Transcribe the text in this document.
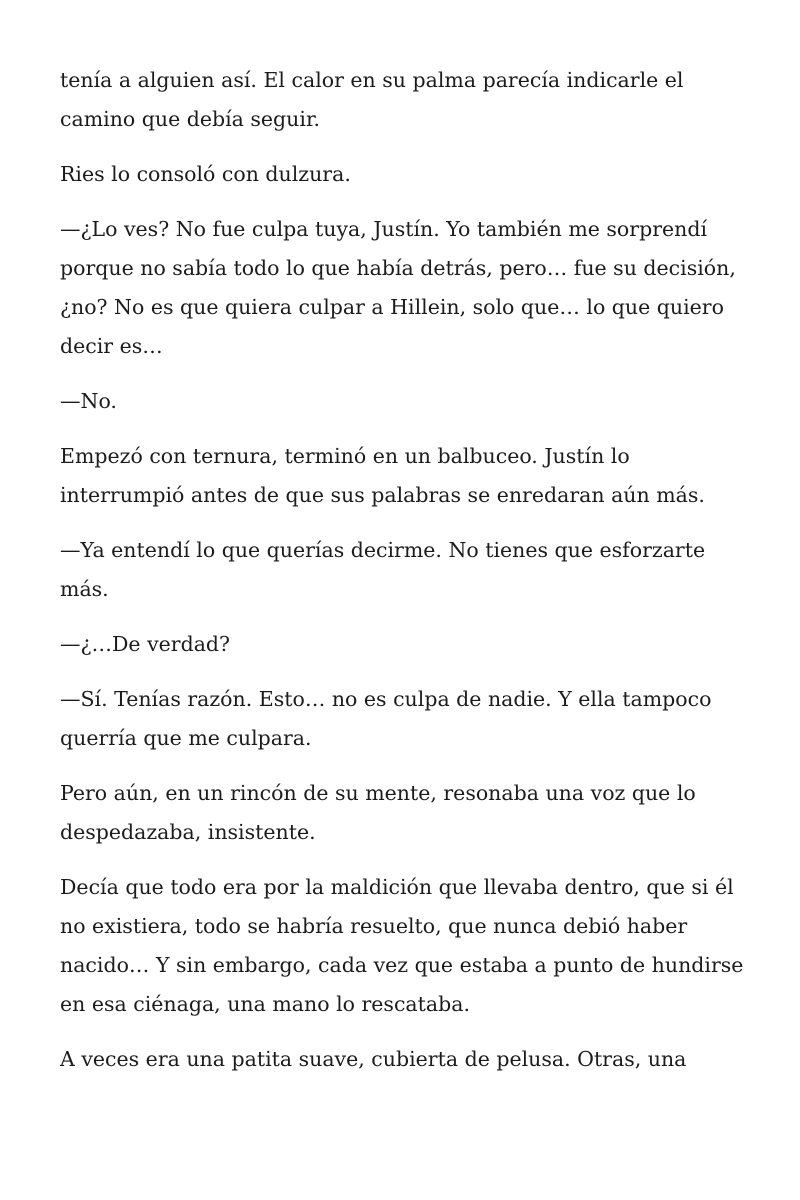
tenía a alguien así. El calor en su palma parecía indicarle el camino que debía seguir.

Ries lo consoló con dulzura.

—¿Lo ves? No fue culpa tuya, Justín. Yo también me sorprendí porque no sabía todo lo que había detrás, pero… fue su decisión, ¿no? No es que quiera culpar a Hillein, solo que… lo que quiero decir es…

—No.

Empezó con ternura, terminó en un balbuceo. Justín lo interrumpió antes de que sus palabras se enredaran aún más.

—Ya entendí lo que querías decirme. No tienes que esforzarte más.

—¿…De verdad?

—Sí. Tenías razón. Esto… no es culpa de nadie. Y ella tampoco querría que me culpara.

Pero aún, en un rincón de su mente, resonaba una voz que lo despedazaba, insistente.

Decía que todo era por la maldición que llevaba dentro, que si él no existiera, todo se habría resuelto, que nunca debió haber nacido… Y sin embargo, cada vez que estaba a punto de hundirse en esa ciénaga, una mano lo rescataba.

A veces era una patita suave, cubierta de pelusa. Otras, una
